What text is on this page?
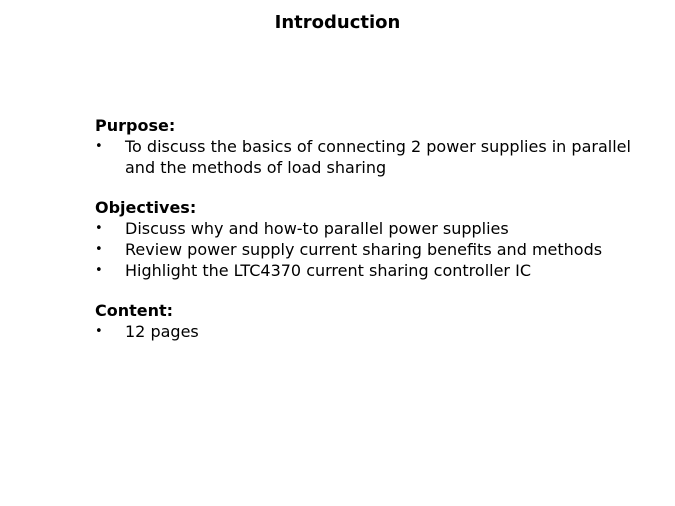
Introduction
Purpose:
•	To discuss the basics of connecting 2 power supplies in parallel and the methods of load sharing
Objectives:
•	Discuss why and how-to parallel power supplies
•	Review power supply current sharing benefits and methods
•	Highlight the LTC4370 current sharing controller IC
Content:
•	12 pages
